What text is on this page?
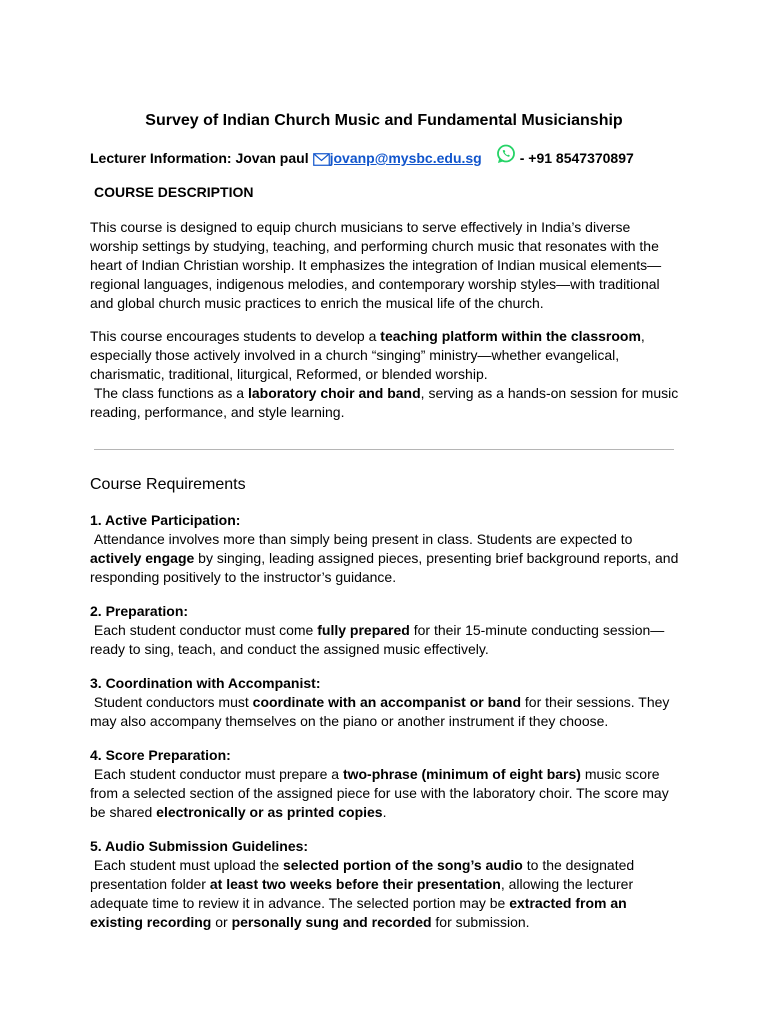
Survey of Indian Church Music and Fundamental Musicianship
Lecturer Information: Jovan paul jovanp@mysbc.edu.sg	- +91 8547370897
COURSE DESCRIPTION

This course is designed to equip church musicians to serve effectively in India’s diverse worship settings by studying, teaching, and performing church music that resonates with the heart of Indian Christian worship. It emphasizes the integration of Indian musical elements—regional languages, indigenous melodies, and contemporary worship styles—with traditional and global church music practices to enrich the musical life of the church.

This course encourages students to develop a teaching platform within the classroom, especially those actively involved in a church “singing” ministry—whether evangelical, charismatic, traditional, liturgical, Reformed, or blended worship.
The class functions as a laboratory choir and band, serving as a hands-on session for music reading, performance, and style learning.

Course Requirements

1. Active Participation:
Attendance involves more than simply being present in class. Students are expected to actively engage by singing, leading assigned pieces, presenting brief background reports, and responding positively to the instructor’s guidance.

2. Preparation:
Each student conductor must come fully prepared for their 15-minute conducting session—ready to sing, teach, and conduct the assigned music effectively.

3. Coordination with Accompanist:
Student conductors must coordinate with an accompanist or band for their sessions. They may also accompany themselves on the piano or another instrument if they choose.

4. Score Preparation:
Each student conductor must prepare a two-phrase (minimum of eight bars) music score from a selected section of the assigned piece for use with the laboratory choir. The score may be shared electronically or as printed copies.

5. Audio Submission Guidelines:
Each student must upload the selected portion of the song’s audio to the designated presentation folder at least two weeks before their presentation, allowing the lecturer adequate time to review it in advance. The selected portion may be extracted from an existing recording or personally sung and recorded for submission.
